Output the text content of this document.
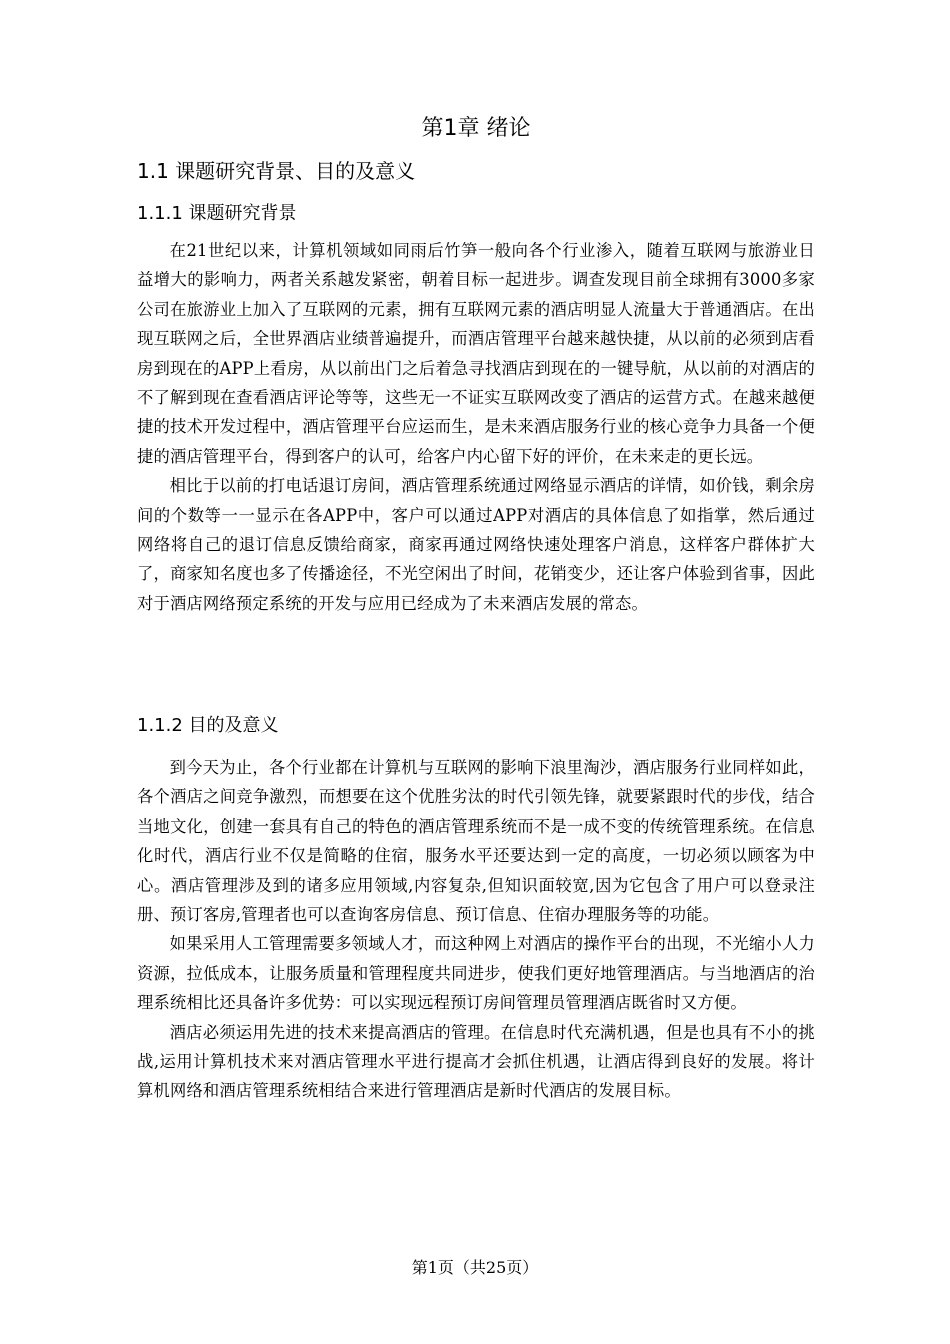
第1章 绪论
1.1 课题研究背景、目的及意义
1.1.1 课题研究背景

在21世纪以来，计算机领域如同雨后竹笋一般向各个行业渗入，随着互联网与旅游业日益增大的影响力，两者关系越发紧密，朝着目标一起进步。调查发现目前全球拥有3000多家公司在旅游业上加入了互联网的元素，拥有互联网元素的酒店明显人流量大于普通酒店。在出现互联网之后，全世界酒店业绩普遍提升，而酒店管理平台越来越快捷，从以前的必须到店看房到现在的APP上看房，从以前出门之后着急寻找酒店到现在的一键导航，从以前的对酒店的不了解到现在查看酒店评论等等，这些无一不证实互联网改变了酒店的运营方式。在越来越便捷的技术开发过程中，酒店管理平台应运而生，是未来酒店服务行业的核心竞争力具备一个便捷的酒店管理平台，得到客户的认可，给客户内心留下好的评价，在未来走的更长远。

相比于以前的打电话退订房间，酒店管理系统通过网络显示酒店的详情，如价钱，剩余房间的个数等一一显示在各APP中，客户可以通过APP对酒店的具体信息了如指掌，然后通过网络将自己的退订信息反馈给商家，商家再通过网络快速处理客户消息，这样客户群体扩大了，商家知名度也多了传播途径，不光空闲出了时间，花销变少，还让客户体验到省事，因此对于酒店网络预定系统的开发与应用已经成为了未来酒店发展的常态。

1.1.2 目的及意义

到今天为止，各个行业都在计算机与互联网的影响下浪里淘沙，酒店服务行业同样如此，各个酒店之间竞争激烈，而想要在这个优胜劣汰的时代引领先锋，就要紧跟时代的步伐，结合当地文化，创建一套具有自己的特色的酒店管理系统而不是一成不变的传统管理系统。在信息化时代，酒店行业不仅是简略的住宿，服务水平还要达到一定的高度，一切必须以顾客为中心。酒店管理涉及到的诸多应用领域,内容复杂,但知识面较宽,因为它包含了用户可以登录注册、预订客房,管理者也可以查询客房信息、预订信息、住宿办理服务等的功能。

如果采用人工管理需要多领域人才，而这种网上对酒店的操作平台的出现，不光缩小人力资源，拉低成本，让服务质量和管理程度共同进步，使我们更好地管理酒店。与当地酒店的治理系统相比还具备许多优势：可以实现远程预订房间管理员管理酒店既省时又方便。

酒店必须运用先进的技术来提高酒店的管理。在信息时代充满机遇，但是也具有不小的挑战,运用计算机技术来对酒店管理水平进行提高才会抓住机遇，让酒店得到良好的发展。将计算机网络和酒店管理系统相结合来进行管理酒店是新时代酒店的发展目标。

第1页（共25页）
